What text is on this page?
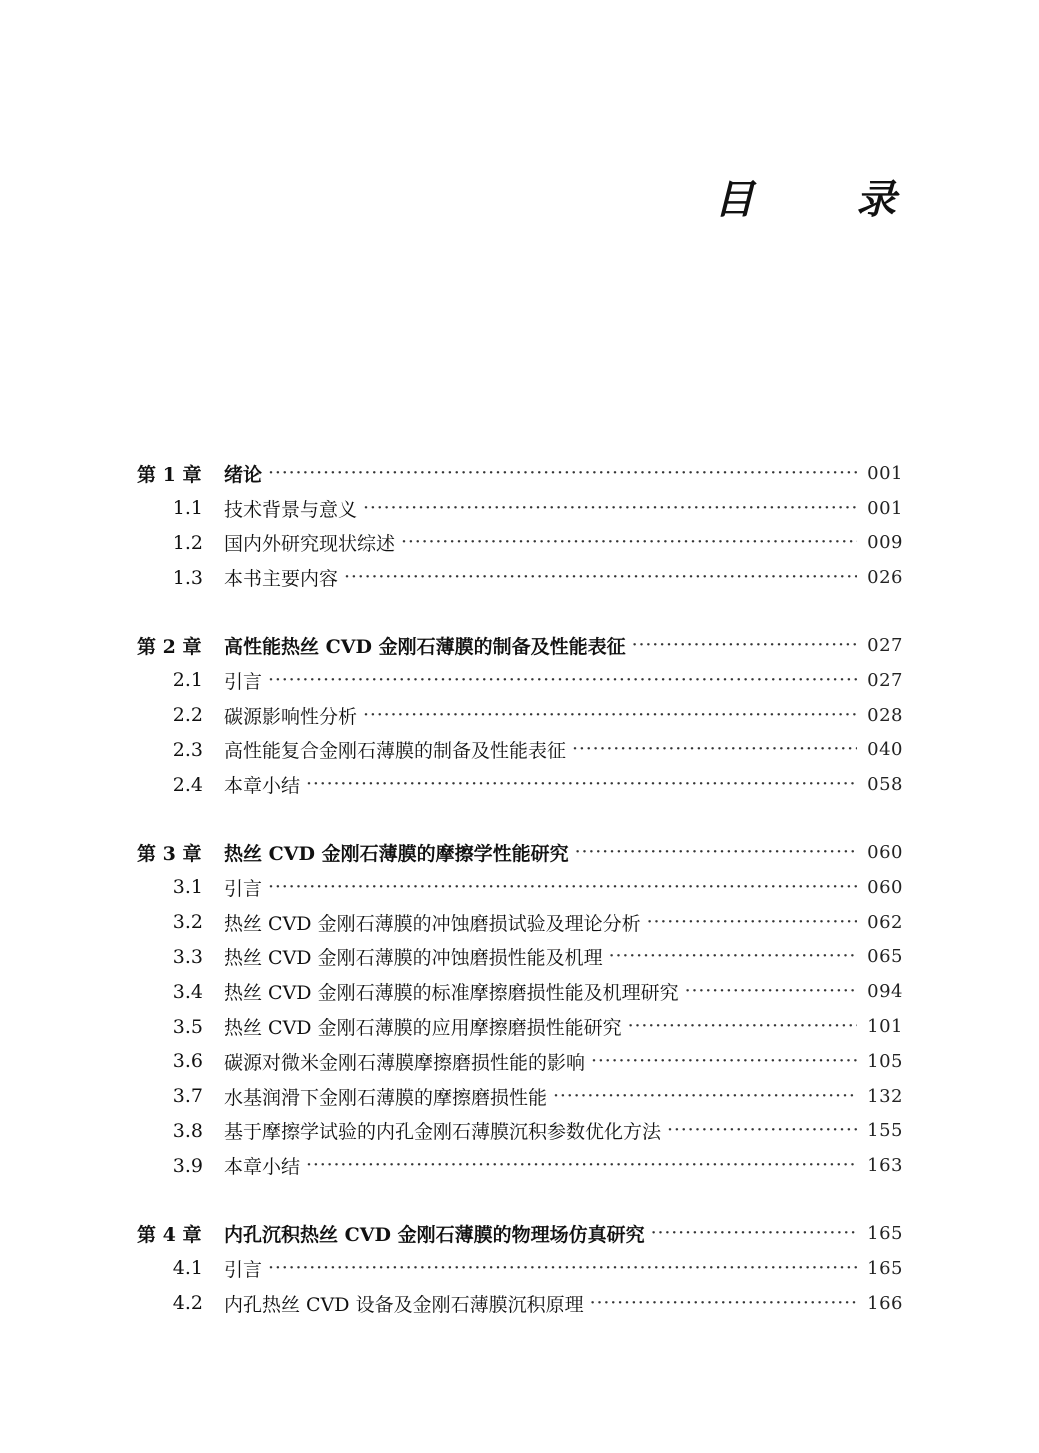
目 录
第 1 章 绪论 · · ·	001
1.1 技术背景与意义 · · ·	001
1.2 国内外研究现状综述 · · ·	009
1.3 本书主要内容 · · ·	026
第 2 章 高性能热丝 CVD 金刚石薄膜的制备及性能表征 · · ·	027
2.1 引言 · · ·	027
2.2 碳源影响性分析 · · ·	028
2.3 高性能复合金刚石薄膜的制备及性能表征 · · ·	040
2.4 本章小结 · · ·	058
第 3 章 热丝 CVD 金刚石薄膜的摩擦学性能研究 · · ·	060
3.1 引言 · · ·	060
3.2 热丝 CVD 金刚石薄膜的冲蚀磨损试验及理论分析 · · ·	062
3.3 热丝 CVD 金刚石薄膜的冲蚀磨损性能及机理 · · ·	065
3.4 热丝 CVD 金刚石薄膜的标准摩擦磨损性能及机理研究 · · ·	094
3.5 热丝 CVD 金刚石薄膜的应用摩擦磨损性能研究 · · ·	101
3.6 碳源对微米金刚石薄膜摩擦磨损性能的影响 · · ·	105
3.7 水基润滑下金刚石薄膜的摩擦磨损性能 · · ·	132
3.8 基于摩擦学试验的内孔金刚石薄膜沉积参数优化方法 · · ·	155
3.9 本章小结 · · ·	163
第 4 章 内孔沉积热丝 CVD 金刚石薄膜的物理场仿真研究 · · ·	165
4.1 引言 · · ·	165
4.2 内孔热丝 CVD 设备及金刚石薄膜沉积原理 · · ·	166
